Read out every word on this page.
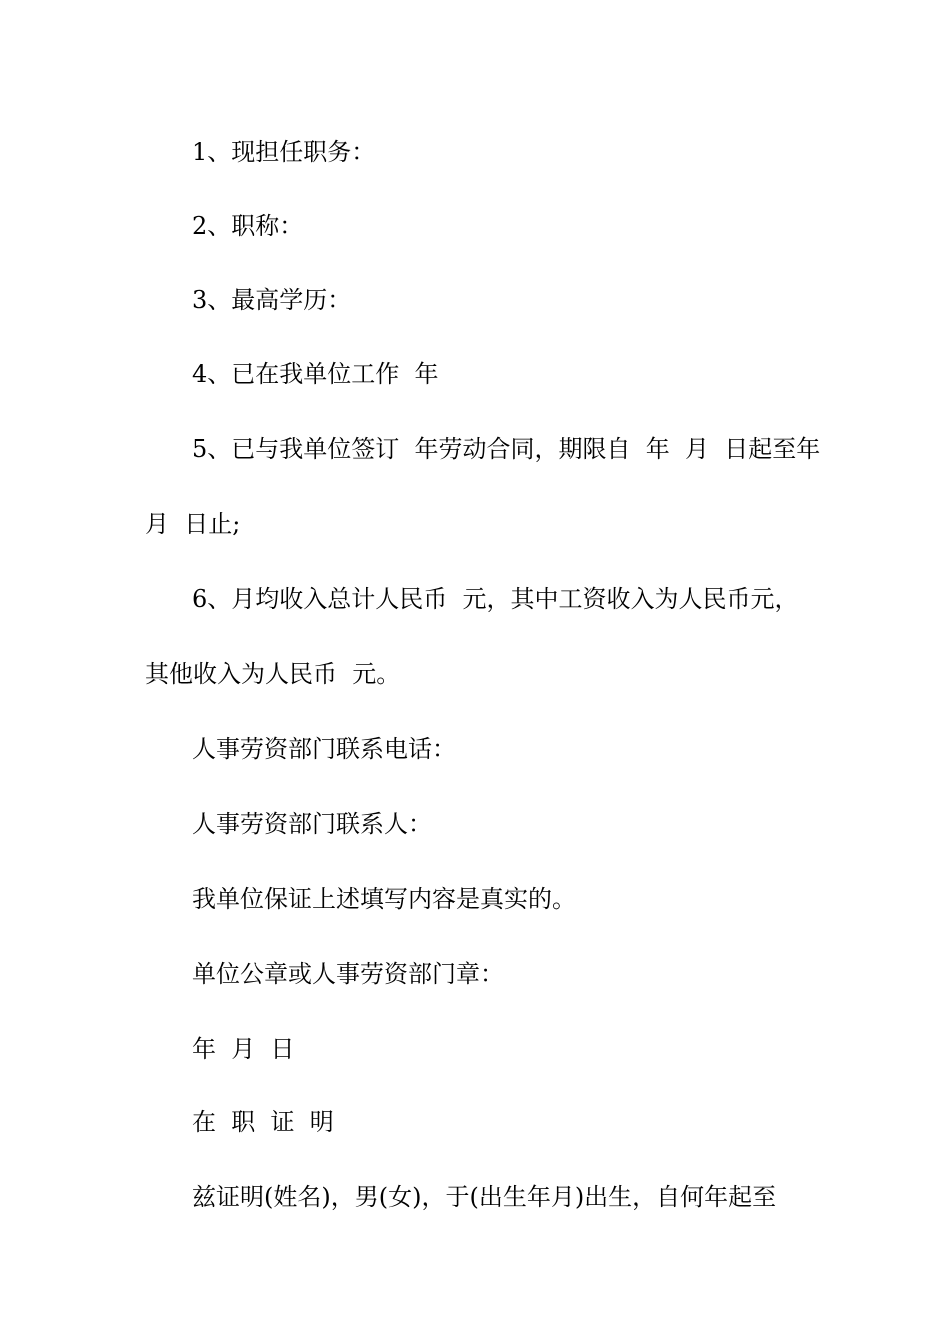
1、现担任职务：

2、职称：

3、最高学历：

4、已在我单位工作  年

5、已与我单位签订  年劳动合同，期限自  年  月  日起至年

月  日止;

6、月均收入总计人民币  元，其中工资收入为人民币元，

其他收入为人民币  元。

人事劳资部门联系电话：

人事劳资部门联系人：

我单位保证上述填写内容是真实的。

单位公章或人事劳资部门章：

年  月  日

在  职  证  明

兹证明(姓名)，男(女)，于(出生年月)出生，自何年起至
